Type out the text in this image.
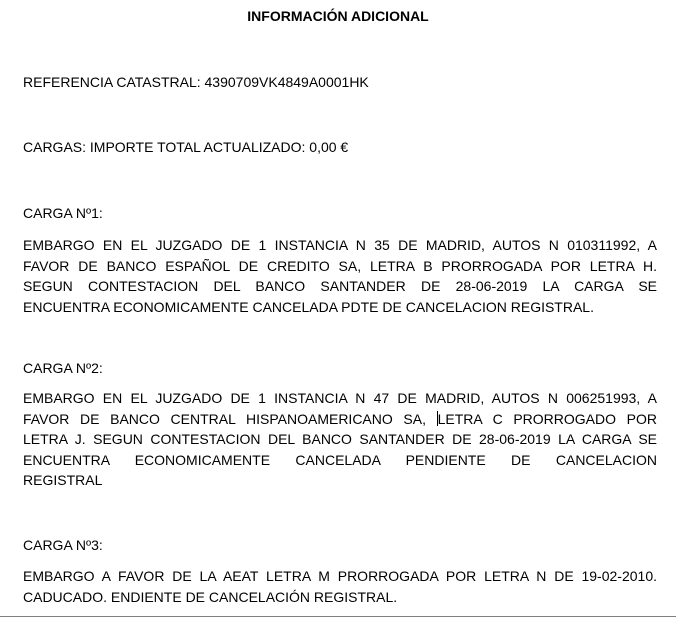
INFORMACIÓN ADICIONAL
REFERENCIA CATASTRAL: 4390709VK4849A0001HK
CARGAS: IMPORTE TOTAL ACTUALIZADO: 0,00 €
CARGA Nº1:
EMBARGO EN EL JUZGADO DE 1 INSTANCIA N 35 DE MADRID, AUTOS N 010311992, A
FAVOR DE BANCO ESPAÑOL DE CREDITO SA, LETRA B PRORROGADA POR LETRA H.
SEGUN CONTESTACION DEL BANCO SANTANDER DE 28-06-2019 LA CARGA SE
ENCUENTRA ECONOMICAMENTE CANCELADA PDTE DE CANCELACION REGISTRAL.
CARGA Nº2:
EMBARGO EN EL JUZGADO DE 1 INSTANCIA N 47 DE MADRID, AUTOS N 006251993, A
FAVOR DE BANCO CENTRAL HISPANOAMERICANO SA, LETRA C PRORROGADO POR
LETRA J. SEGUN CONTESTACION DEL BANCO SANTANDER DE 28-06-2019 LA CARGA SE
ENCUENTRA ECONOMICAMENTE CANCELADA PENDIENTE DE CANCELACION
REGISTRAL
CARGA Nº3:
EMBARGO A FAVOR DE LA AEAT LETRA M PRORROGADA POR LETRA N DE 19-02-2010.
CADUCADO. ENDIENTE DE CANCELACIÓN REGISTRAL.
